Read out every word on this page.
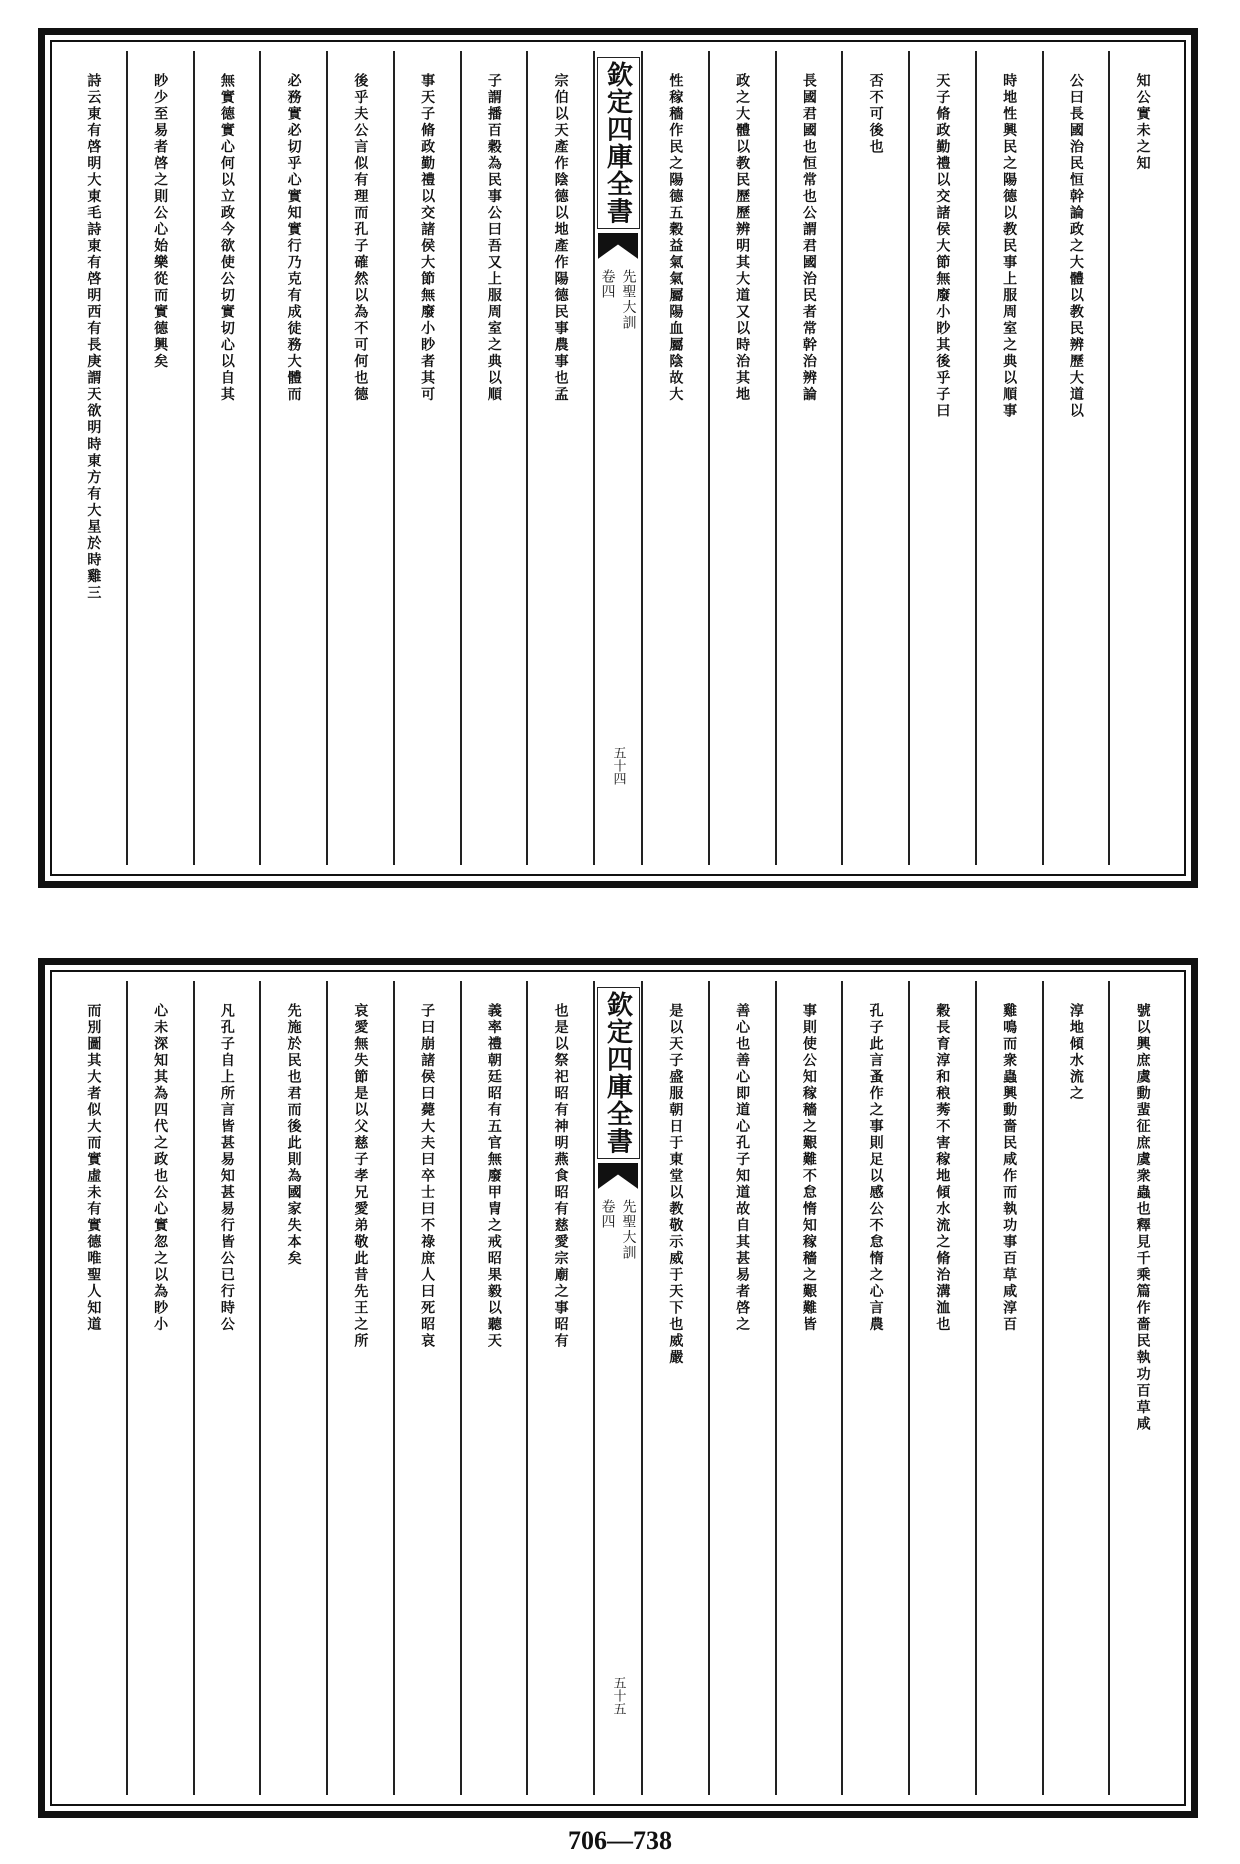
知公實未之知
公曰長國治民恒幹論政之大體以教民辨歷大道以
時地性興民之陽德以教民事上服周室之典以順事
天子脩政勤禮以交諸侯大節無廢小眇其後乎子曰
否不可後也
長國君國也恒常也公謂君國治民者常幹治辨論
政之大體以教民歷歷辨明其大道又以時治其地
性稼穡作民之陽德五穀益氣氣屬陽血屬陰故大
欽定四庫全書
先聖大訓
卷四
五十四
宗伯以天產作陰德以地產作陽德民事農事也孟
子謂播百穀為民事公曰吾又上服周室之典以順
事天子脩政勤禮以交諸侯大節無廢小眇者其可
後乎夫公言似有理而孔子確然以為不可何也德
必務實必切乎心實知實行乃克有成徒務大體而
無實德實心何以立政今欲使公切實切心以自其
眇少至易者啓之則公心始樂從而實德興矣
詩云東有啓明大東毛詩東有啓明西有長庚謂天欲明時東方有大星於時雞三
號以興庶虞動蜚征庶虞衆蟲也釋見千乘篇作嗇民執功百草咸
淳地傾水流之
雞鳴而衆蟲興動嗇民咸作而執功事百草咸淳百
穀長育淳和稂莠不害稼地傾水流之脩治溝洫也
孔子此言蚤作之事則足以感公不怠惰之心言農
事則使公知稼穡之艱難不怠惰知稼穡之艱難皆
善心也善心即道心孔子知道故自其甚易者啓之
是以天子盛服朝日于東堂以教敬示威于天下也威嚴
欽定四庫全書
先聖大訓
卷四
五十五
也是以祭祀昭有神明燕食昭有慈愛宗廟之事昭有
義率禮朝廷昭有五官無廢甲冑之戒昭果毅以聽天
子曰崩諸侯曰薨大夫曰卒士曰不祿庶人曰死昭哀
哀愛無失節是以父慈子孝兄愛弟敬此昔先王之所
先施於民也君而後此則為國家失本矣
凡孔子自上所言皆甚易知甚易行皆公已行時公
心未深知其為四代之政也公心實忽之以為眇小
而別圖其大者似大而實虛未有實德唯聖人知道
706—738
